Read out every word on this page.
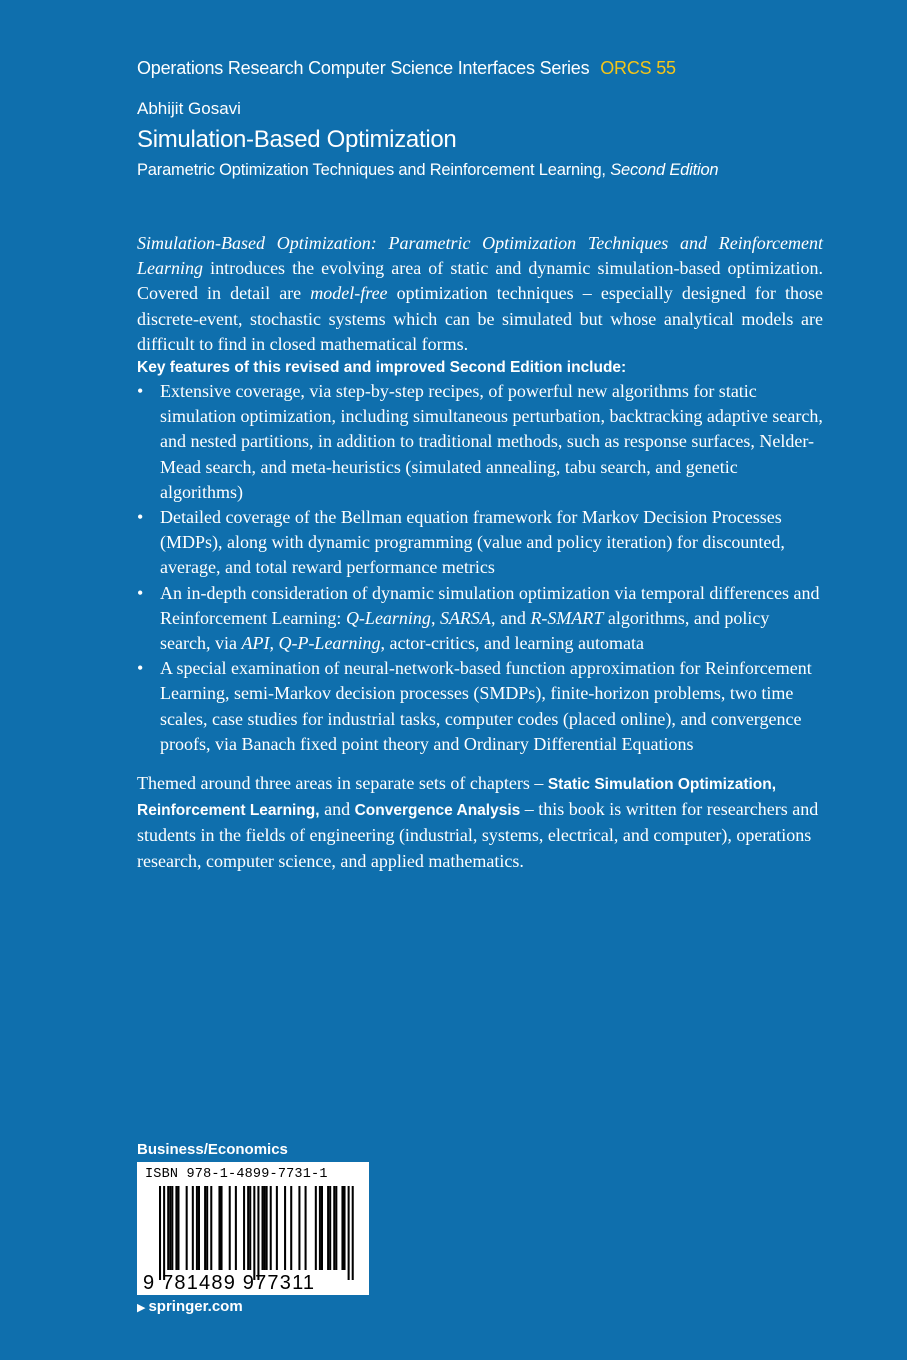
Operations Research Computer Science Interfaces Series ORCS 55
Abhijit Gosavi
Simulation-Based Optimization
Parametric Optimization Techniques and Reinforcement Learning, Second Edition

Simulation-Based Optimization: Parametric Optimization Techniques and Reinforcement Learning introduces the evolving area of static and dynamic simulation-based optimization. Covered in detail are model-free optimization techniques – especially designed for those discrete-event, stochastic systems which can be simulated but whose analytical models are difficult to find in closed mathematical forms.

Key features of this revised and improved Second Edition include:

• Extensive coverage, via step-by-step recipes, of powerful new algorithms for static simulation optimization, including simultaneous perturbation, backtracking adaptive search, and nested partitions, in addition to traditional methods, such as response surfaces, Nelder-Mead search, and meta-heuristics (simulated annealing, tabu search, and genetic algorithms)
• Detailed coverage of the Bellman equation framework for Markov Decision Processes (MDPs), along with dynamic programming (value and policy iteration) for discounted, average, and total reward performance metrics
• An in-depth consideration of dynamic simulation optimization via temporal differences and Reinforcement Learning: Q-Learning, SARSA, and R-SMART algorithms, and policy search, via API, Q-P-Learning, actor-critics, and learning automata
• A special examination of neural-network-based function approximation for Reinforcement Learning, semi-Markov decision processes (SMDPs), finite-horizon problems, two time scales, case studies for industrial tasks, computer codes (placed online), and convergence proofs, via Banach fixed point theory and Ordinary Differential Equations

Themed around three areas in separate sets of chapters – Static Simulation Optimization, Reinforcement Learning, and Convergence Analysis – this book is written for researchers and students in the fields of engineering (industrial, systems, electrical, and computer), operations research, computer science, and applied mathematics.

Business/Economics
ISBN 978-1-4899-7731-1
9 781489 977311
▶ springer.com
